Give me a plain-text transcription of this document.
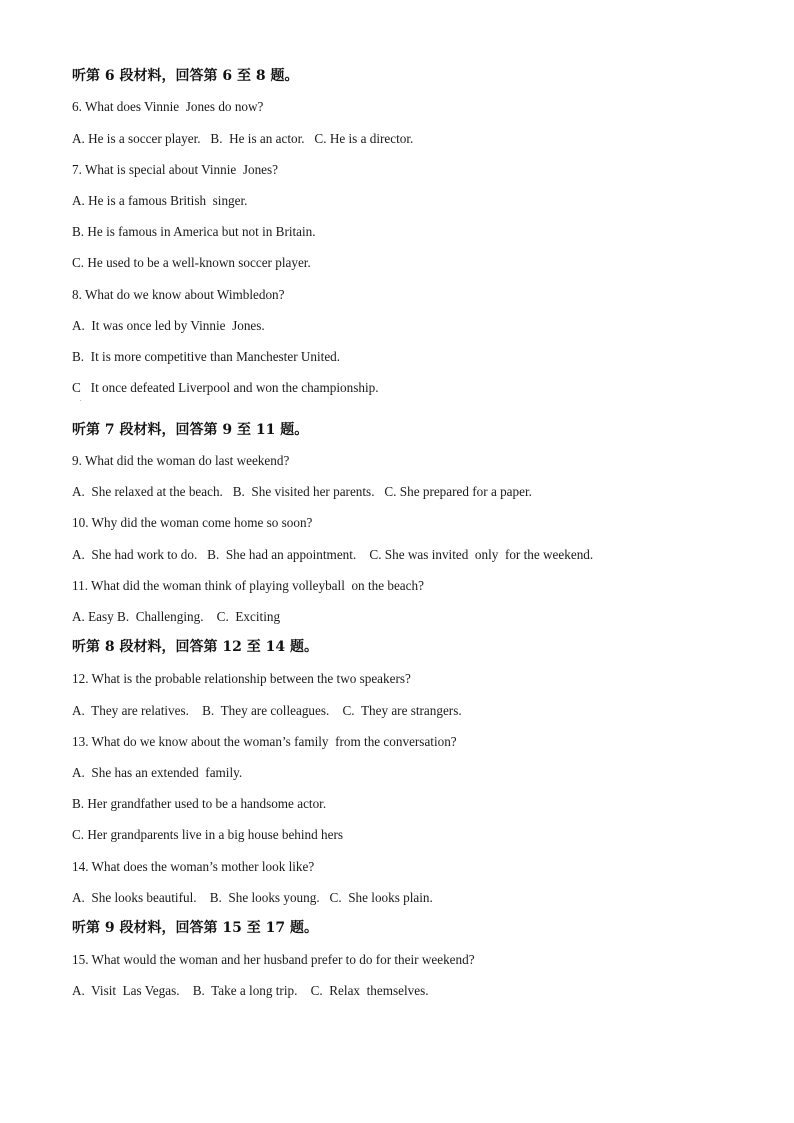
听第 6 段材料，回答第 6 至 8 题。
6. What does Vinnie  Jones do now?
A. He is a soccer player.   B.  He is an actor.   C. He is a director.
7. What is special about Vinnie  Jones?
A. He is a famous British  singer.
B. He is famous in America but not in Britain.
C. He used to be a well-known soccer player.
8. What do we know about Wimbledon?
A.  It was once led by Vinnie  Jones.
B.  It is more competitive than Manchester United.
C   It once defeated Liverpool and won the championship.
.
听第 7 段材料，回答第 9 至 11 题。
9. What did the woman do last weekend?
A.  She relaxed at the beach.   B.  She visited her parents.   C. She prepared for a paper.
10. Why did the woman come home so soon?
A.  She had work to do.   B.  She had an appointment.    C. She was invited  only  for the weekend.
11. What did the woman think of playing volleyball  on the beach?
A. Easy B.  Challenging.    C.  Exciting
听第 8 段材料，回答第 12 至 14 题。
12. What is the probable relationship between the two speakers?
A.  They are relatives.    B.  They are colleagues.    C.  They are strangers.
13. What do we know about the woman’s family  from the conversation?
A.  She has an extended  family.
B. Her grandfather used to be a handsome actor.
C. Her grandparents live in a big house behind hers
14. What does the woman’s mother look like?
A.  She looks beautiful.    B.  She looks young.   C.  She looks plain.
听第 9 段材料，回答第 15 至 17 题。
15. What would the woman and her husband prefer to do for their weekend?
A.  Visit  Las Vegas.    B.  Take a long trip.    C.  Relax  themselves.
